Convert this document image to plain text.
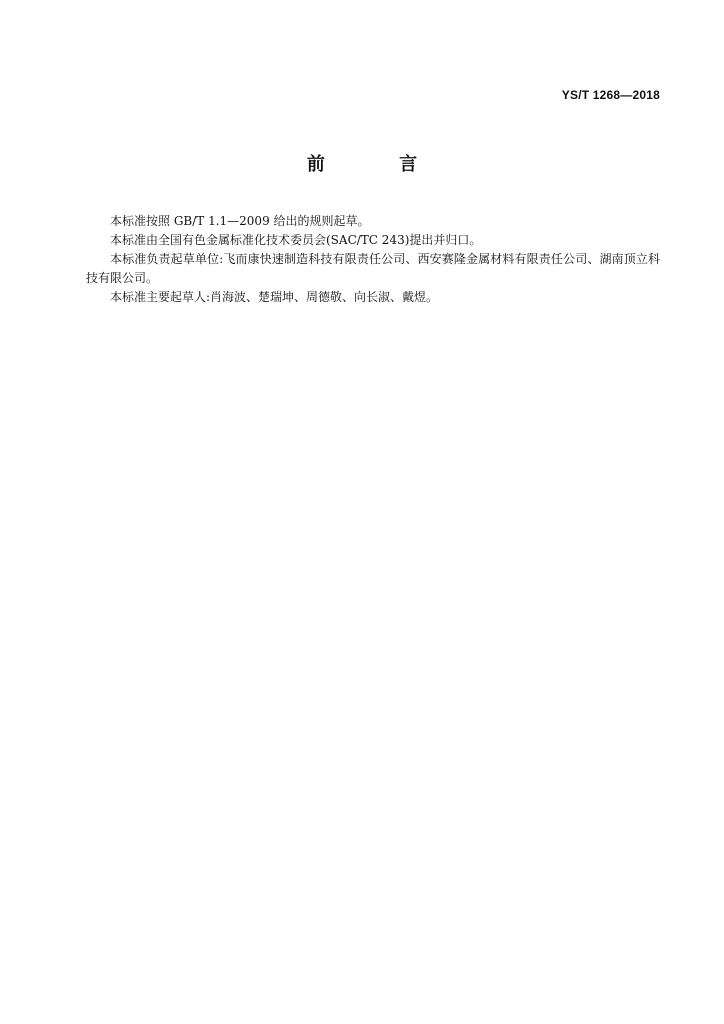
YS/T 1268—2018
前 言

本标准按照 GB/T 1.1—2009 给出的规则起草。

本标准由全国有色金属标准化技术委员会(SAC/TC 243)提出并归口。

本标准负责起草单位:飞而康快速制造科技有限责任公司、西安赛隆金属材料有限责任公司、湖南顶立科技有限公司。

本标准主要起草人:肖海波、楚瑞坤、周德敬、向长淑、戴煜。
